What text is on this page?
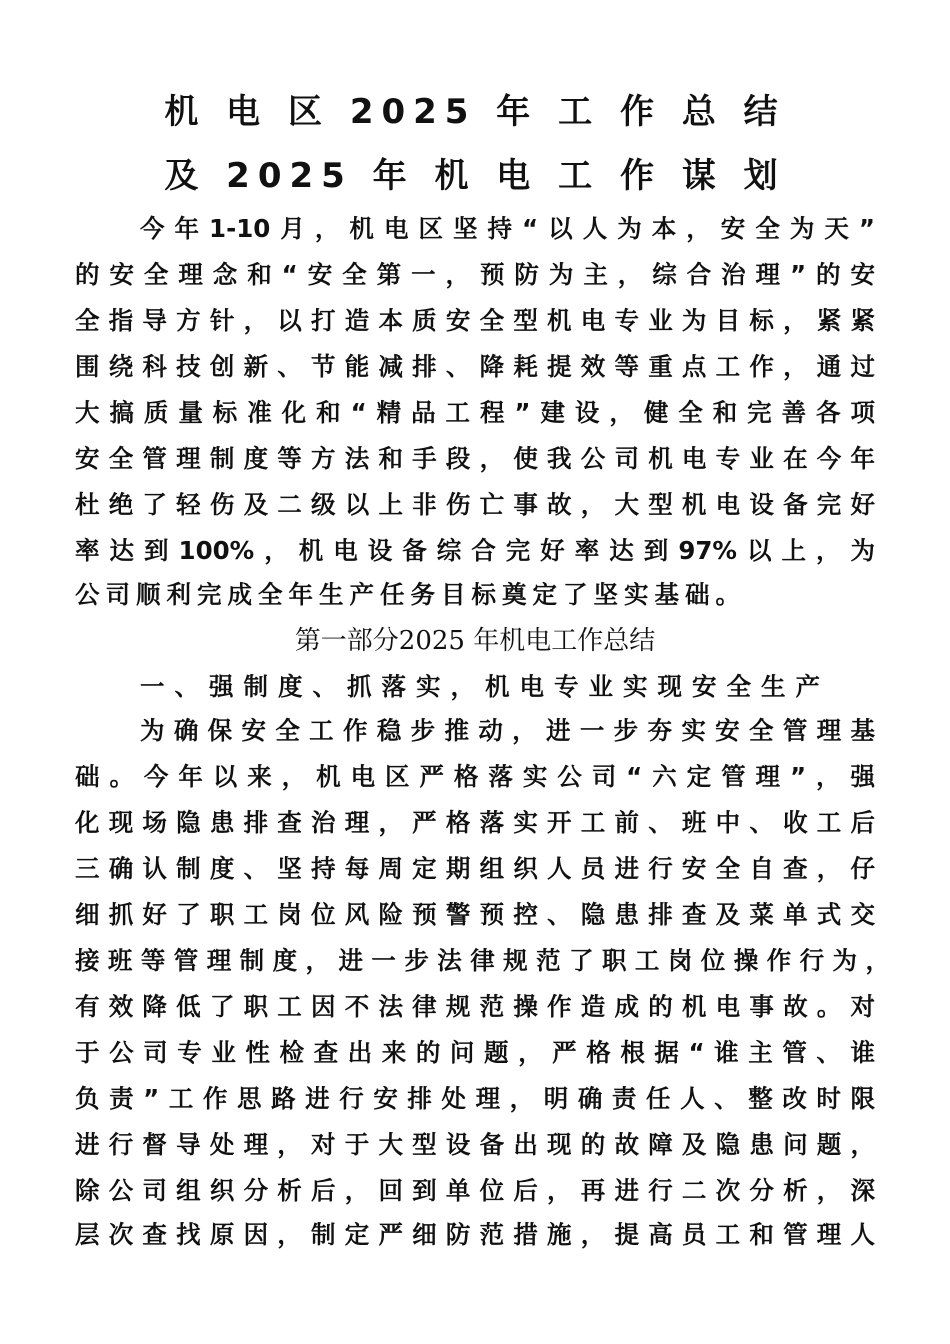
机 电 区 2025 年 工 作 总 结
及 2025 年 机 电 工 作 谋 划
今年1-10月，机电区坚持“以人为本，安全为天”
的安全理念和“安全第一，预防为主，综合治理”的安
全指导方针，以打造本质安全型机电专业为目标，紧紧
围绕科技创新、节能减排、降耗提效等重点工作，通过
大搞质量标准化和“精品工程”建设，健全和完善各项
安全管理制度等方法和手段，使我公司机电专业在今年
杜绝了轻伤及二级以上非伤亡事故，大型机电设备完好
率达到100%，机电设备综合完好率达到97%以上，为
公司顺利完成全年生产任务目标奠定了坚实基础。
第一部分2025 年机电工作总结
一、强制度、抓落实，机电专业实现安全生产
为确保安全工作稳步推动，进一步夯实安全管理基
础。今年以来，机电区严格落实公司“六定管理”，强
化现场隐患排查治理，严格落实开工前、班中、收工后
三确认制度、坚持每周定期组织人员进行安全自查，仔
细抓好了职工岗位风险预警预控、隐患排查及菜单式交
接班等管理制度，进一步法律规范了职工岗位操作行为，
有效降低了职工因不法律规范操作造成的机电事故。对
于公司专业性检查出来的问题，严格根据“谁主管、谁
负责”工作思路进行安排处理，明确责任人、整改时限
进行督导处理，对于大型设备出现的故障及隐患问题，
除公司组织分析后，回到单位后，再进行二次分析，深
层次查找原因，制定严细防范措施，提高员工和管理人
